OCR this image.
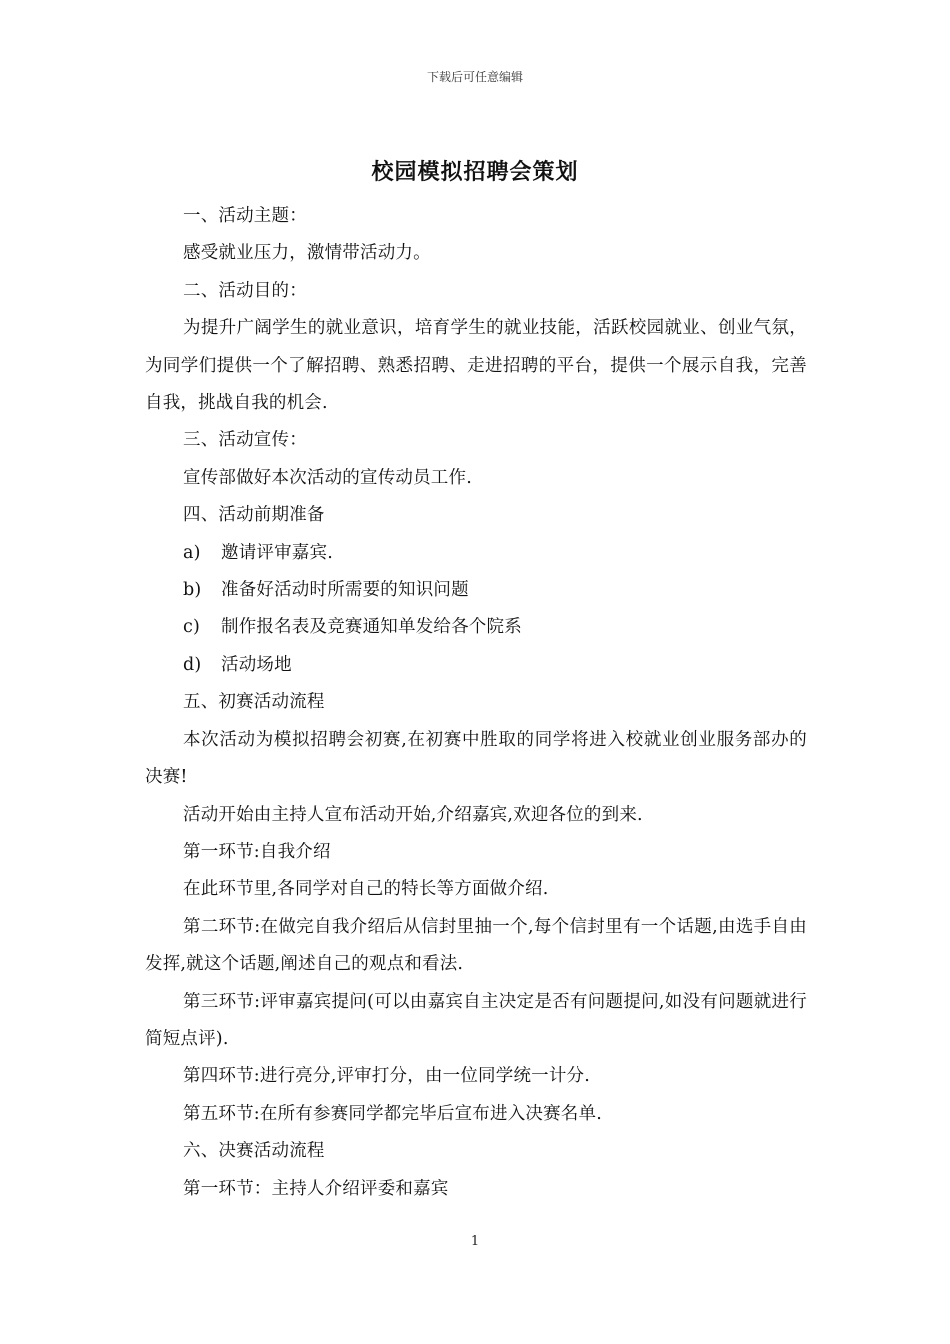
下载后可任意编辑
校园模拟招聘会策划

一、活动主题：

感受就业压力，激情带活动力。

二、活动目的：

为提升广阔学生的就业意识，培育学生的就业技能，活跃校园就业、创业气氛，为同学们提供一个了解招聘、熟悉招聘、走进招聘的平台，提供一个展示自我，完善自我，挑战自我的机会.

三、活动宣传：

宣传部做好本次活动的宣传动员工作.

四、活动前期准备

a) 邀请评审嘉宾.

b) 准备好活动时所需要的知识问题

c) 制作报名表及竞赛通知单发给各个院系

d) 活动场地

五、初赛活动流程

本次活动为模拟招聘会初赛,在初赛中胜取的同学将进入校就业创业服务部办的决赛!

活动开始由主持人宣布活动开始,介绍嘉宾,欢迎各位的到来.

第一环节:自我介绍

在此环节里,各同学对自己的特长等方面做介绍.

第二环节:在做完自我介绍后从信封里抽一个,每个信封里有一个话题,由选手自由发挥,就这个话题,阐述自己的观点和看法.

第三环节:评审嘉宾提问(可以由嘉宾自主决定是否有问题提问,如没有问题就进行简短点评).

第四环节:进行亮分,评审打分，由一位同学统一计分.

第五环节:在所有参赛同学都完毕后宣布进入决赛名单.

六、决赛活动流程

第一环节：主持人介绍评委和嘉宾

1
